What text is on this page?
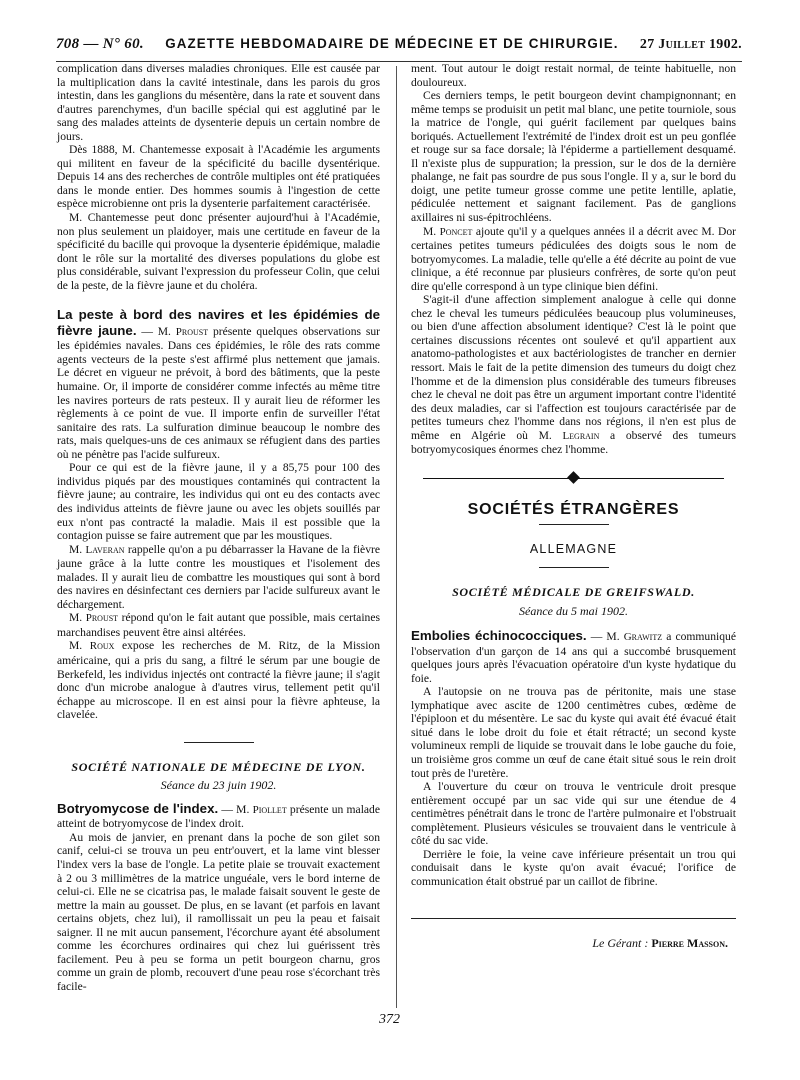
708 — N° 60. GAZETTE HEBDOMADAIRE DE MÉDECINE ET DE CHIRURGIE. 27 Juillet 1902.

complication dans diverses maladies chroniques. Elle est causée par la multiplication dans la cavité intestinale, dans les parois du gros intestin, dans les ganglions du mésentère, dans la rate et souvent dans d'autres parenchymes, d'un bacille spécial qui est agglutiné par le sang des malades atteints de dysenterie depuis un certain nombre de jours.

Dès 1888, M. Chantemesse exposait à l'Académie les arguments qui militent en faveur de la spécificité du bacille dysentérique. Depuis 14 ans des recherches de contrôle multiples ont été pratiquées dans le monde entier. Des hommes soumis à l'ingestion de cette espèce microbienne ont pris la dysenterie parfaitement caractérisée.

M. Chantemesse peut donc présenter aujourd'hui à l'Académie, non plus seulement un plaidoyer, mais une certitude en faveur de la spécificité du bacille qui provoque la dysenterie épidémique, maladie dont le rôle sur la mortalité des diverses populations du globe est plus considérable, suivant l'expression du professeur Colin, que celui de la peste, de la fièvre jaune et du choléra.

La peste à bord des navires et les épidémies de fièvre jaune. — M. Proust présente quelques observations sur les épidémies navales. Dans ces épidémies, le rôle des rats comme agents vecteurs de la peste s'est affirmé plus nettement que jamais. Le décret en vigueur ne prévoit, à bord des bâtiments, que la peste humaine. Or, il importe de considérer comme infectés au même titre les navires porteurs de rats pesteux. Il y aurait lieu de réformer les règlements à ce point de vue. Il importe enfin de surveiller l'état sanitaire des rats. La sulfuration diminue beaucoup le nombre des rats, mais quelques-uns de ces animaux se réfugient dans des parties où ne pénètre pas l'acide sulfureux.

Pour ce qui est de la fièvre jaune, il y a 85,75 pour 100 des individus piqués par des moustiques contaminés qui contractent la fièvre jaune; au contraire, les individus qui ont eu des contacts avec des individus atteints de fièvre jaune ou avec les objets souillés par eux n'ont pas contracté la maladie. Mais il est possible que la contagion puisse se faire autrement que par les moustiques.

M. Laveran rappelle qu'on a pu débarrasser la Havane de la fièvre jaune grâce à la lutte contre les moustiques et l'isolement des malades. Il y aurait lieu de combattre les moustiques qui sont à bord des navires en désinfectant ces derniers par l'acide sulfureux avant le déchargement.

M. Proust répond qu'on le fait autant que possible, mais certaines marchandises peuvent être ainsi altérées.

M. Roux expose les recherches de M. Ritz, de la Mission américaine, qui a pris du sang, a filtré le sérum par une bougie de Berkefeld, les individus injectés ont contracté la fièvre jaune; il s'agit donc d'un microbe analogue à d'autres virus, tellement petit qu'il échappe au microscope. Il en est ainsi pour la fièvre aphteuse, la clavelée.

SOCIÉTÉ NATIONALE DE MÉDECINE DE LYON.

Séance du 23 juin 1902.

Botryomycose de l'index. — M. Piollet présente un malade atteint de botryomycose de l'index droit.

Au mois de janvier, en prenant dans la poche de son gilet son canif, celui-ci se trouva un peu entr'ouvert, et la lame vint blesser l'index vers la base de l'ongle. La petite plaie se trouvait exactement à 2 ou 3 millimètres de la matrice unguéale, vers le bord interne de celui-ci. Elle ne se cicatrisa pas, le malade faisait souvent le geste de mettre la main au gousset. De plus, en se lavant (et parfois en lavant certains objets, chez lui), il ramollissait un peu la peau et faisait saigner. Il ne mit aucun pansement, l'écorchure ayant été absolument comme les écorchures ordinaires qui chez lui guérissent très facilement. Peu à peu se forma un petit bourgeon charnu, gros comme un grain de plomb, recouvert d'une peau rose s'écorchant très facile-

ment. Tout autour le doigt restait normal, de teinte habituelle, non douloureux.

Ces derniers temps, le petit bourgeon devint champignonnant; en même temps se produisit un petit mal blanc, une petite tourniole, sous la matrice de l'ongle, qui guérit facilement par quelques bains boriqués. Actuellement l'extrémité de l'index droit est un peu gonflée et rouge sur sa face dorsale; là l'épiderme a partiellement desquamé. Il n'existe plus de suppuration; la pression, sur le dos de la dernière phalange, ne fait pas sourdre de pus sous l'ongle. Il y a, sur le bord du doigt, une petite tumeur grosse comme une petite lentille, aplatie, pédiculée nettement et saignant facilement. Pas de ganglions axillaires ni sus-épitrochléens.

M. Poncet ajoute qu'il y a quelques années il a décrit avec M. Dor certaines petites tumeurs pédiculées des doigts sous le nom de botryomycomes. La maladie, telle qu'elle a été décrite au point de vue clinique, a été reconnue par plusieurs confrères, de sorte qu'on peut dire qu'elle correspond à un type clinique bien défini.

S'agit-il d'une affection simplement analogue à celle qui donne chez le cheval les tumeurs pédiculées beaucoup plus volumineuses, ou bien d'une affection absolument identique? C'est là le point que certaines discussions récentes ont soulevé et qu'il appartient aux anatomo-pathologistes et aux bactériologistes de trancher en dernier ressort. Mais le fait de la petite dimension des tumeurs du doigt chez l'homme et de la dimension plus considérable des tumeurs fibreuses chez le cheval ne doit pas être un argument important contre l'identité des deux maladies, car si l'affection est toujours caractérisée par de petites tumeurs chez l'homme dans nos régions, il n'en est plus de même en Algérie où M. Legrain a observé des tumeurs botryomycosiques énormes chez l'homme.

SOCIÉTÉS ÉTRANGÈRES

ALLEMAGNE

SOCIÉTÉ MÉDICALE DE GREIFSWALD.

Séance du 5 mai 1902.

Embolies échinococciques. — M. Grawitz a communiqué l'observation d'un garçon de 14 ans qui a succombé brusquement quelques jours après l'évacuation opératoire d'un kyste hydatique du foie.

A l'autopsie on ne trouva pas de péritonite, mais une stase lymphatique avec ascite de 1200 centimètres cubes, œdème de l'épiploon et du mésentère. Le sac du kyste qui avait été évacué était situé dans le lobe droit du foie et était rétracté; un second kyste volumineux rempli de liquide se trouvait dans le lobe gauche du foie, un troisième gros comme un œuf de cane était situé sous le rein droit tout près de l'uretère.

A l'ouverture du cœur on trouva le ventricule droit presque entièrement occupé par un sac vide qui sur une étendue de 4 centimètres pénétrait dans le tronc de l'artère pulmonaire et l'obstruait complètement. Plusieurs vésicules se trouvaient dans le ventricule à côté du sac vide.

Derrière le foie, la veine cave inférieure présentait un trou qui conduisait dans le kyste qu'on avait évacué; l'orifice de communication était obstrué par un caillot de fibrine.

Le Gérant : Pierre Masson.

372
